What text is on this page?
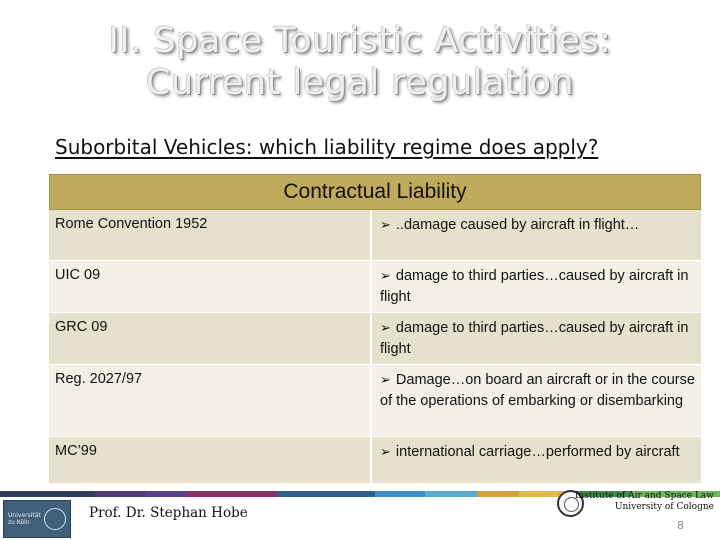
II. Space Touristic Activities:
Current legal regulation
Suborbital Vehicles: which liability regime does apply?
Contractual Liability
Rome Convention 1952	➢ ..damage caused by aircraft in flight…
UIC 09	➢ damage to third parties…caused by aircraft in flight
GRC 09	➢ damage to third parties…caused by aircraft in flight
Reg. 2027/97	➢ Damage…on board an aircraft or in the course of the operations of embarking or disembarking
MC’99	➢ international carriage…performed by aircraft
Universität zu Köln
Prof. Dr. Stephan Hobe
Institute of Air and Space Law
University of Cologne
8
